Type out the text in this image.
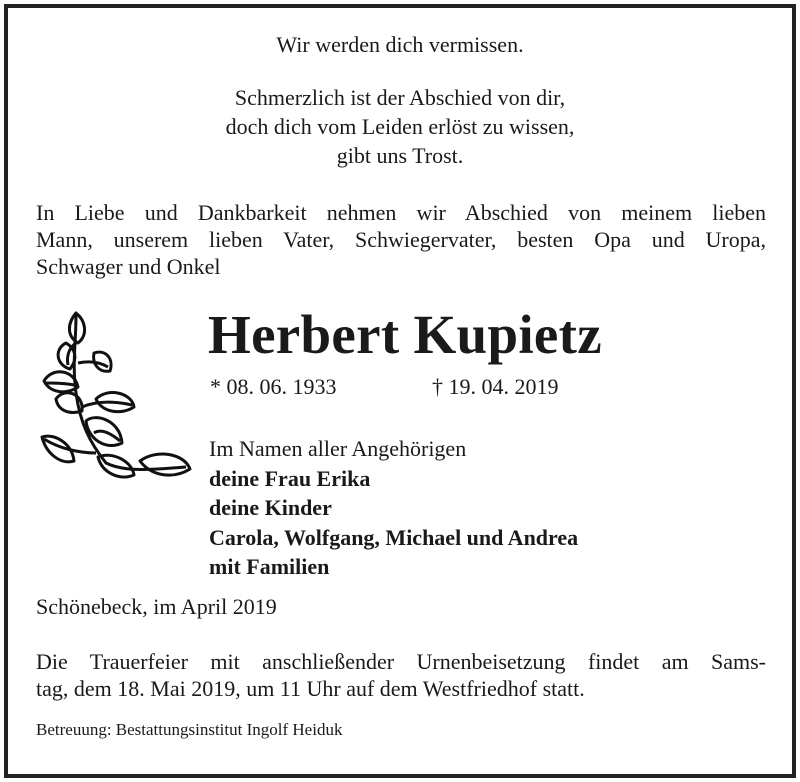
Wir werden dich vermissen.
Schmerzlich ist der Abschied von dir,
doch dich vom Leiden erlöst zu wissen,
gibt uns Trost.
In Liebe und Dankbarkeit nehmen wir Abschied von meinem lieben
Mann, unserem lieben Vater, Schwiegervater, besten Opa und Uropa,
Schwager und Onkel
Herbert Kupietz
* 08. 06. 1933	† 19. 04. 2019
Im Namen aller Angehörigen
deine Frau Erika
deine Kinder
Carola, Wolfgang, Michael und Andrea
mit Familien
Schönebeck, im April 2019
Die Trauerfeier mit anschließender Urnenbeisetzung findet am Sams-
tag, dem 18. Mai 2019, um 11 Uhr auf dem Westfriedhof statt.
Betreuung: Bestattungsinstitut Ingolf Heiduk
